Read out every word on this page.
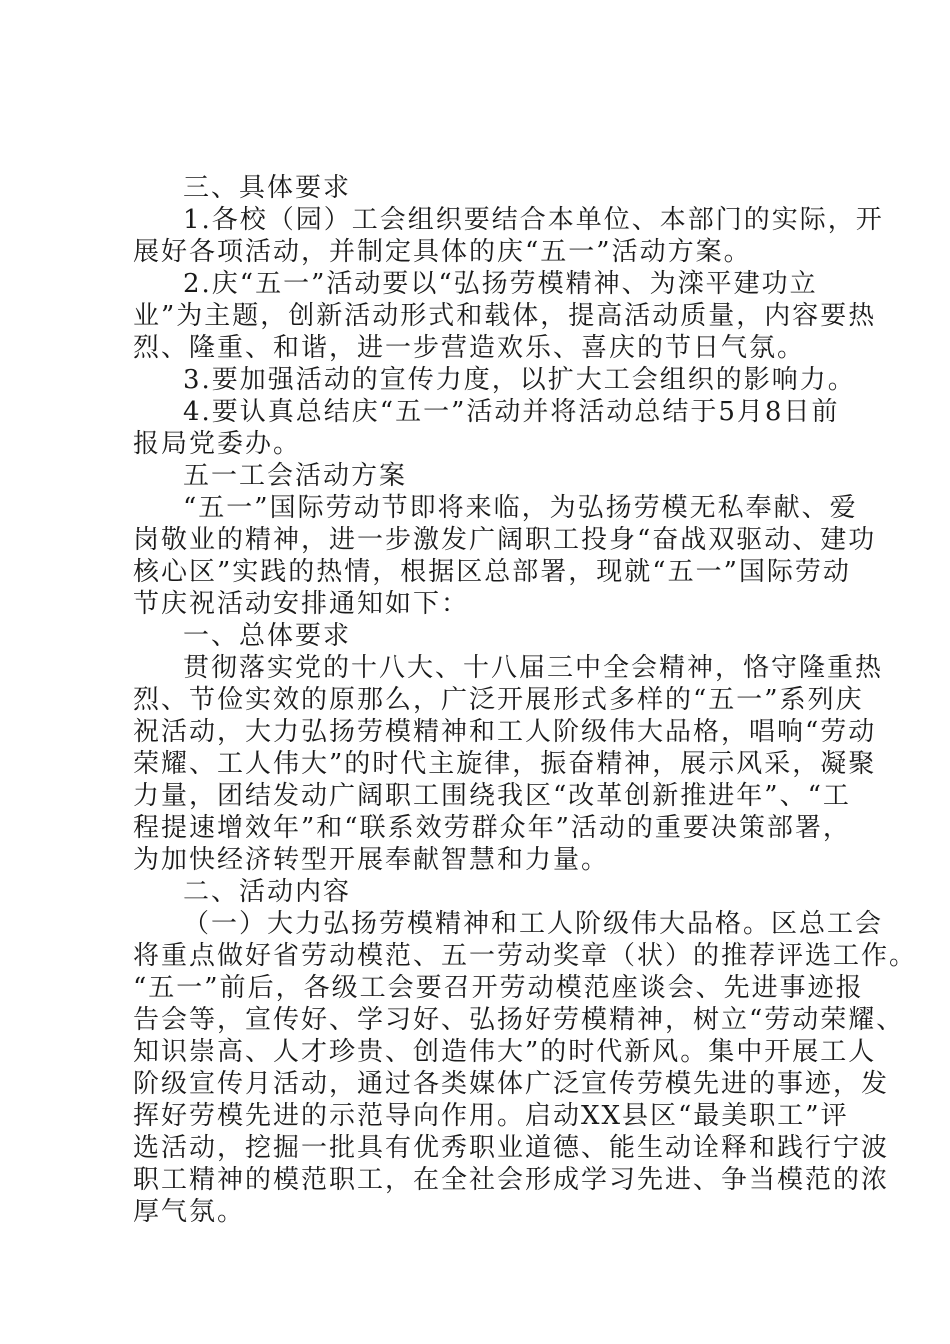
三、具体要求
1.各校（园）工会组织要结合本单位、本部门的实际，开
展好各项活动，并制定具体的庆“五一”活动方案。
2.庆“五一”活动要以“弘扬劳模精神、为滦平建功立
业”为主题，创新活动形式和载体，提高活动质量，内容要热
烈、隆重、和谐，进一步营造欢乐、喜庆的节日气氛。
3.要加强活动的宣传力度，以扩大工会组织的影响力。
4.要认真总结庆“五一”活动并将活动总结于5月8日前
报局党委办。
五一工会活动方案
“五一”国际劳动节即将来临，为弘扬劳模无私奉献、爱
岗敬业的精神，进一步激发广阔职工投身“奋战双驱动、建功
核心区”实践的热情，根据区总部署，现就“五一”国际劳动
节庆祝活动安排通知如下：
一、总体要求
贯彻落实党的十八大、十八届三中全会精神，恪守隆重热
烈、节俭实效的原那么，广泛开展形式多样的“五一”系列庆
祝活动，大力弘扬劳模精神和工人阶级伟大品格，唱响“劳动
荣耀、工人伟大”的时代主旋律，振奋精神，展示风采，凝聚
力量，团结发动广阔职工围绕我区“改革创新推进年”、“工
程提速增效年”和“联系效劳群众年”活动的重要决策部署，
为加快经济转型开展奉献智慧和力量。
二、活动内容
（一）大力弘扬劳模精神和工人阶级伟大品格。区总工会
将重点做好省劳动模范、五一劳动奖章（状）的推荐评选工作。
“五一”前后，各级工会要召开劳动模范座谈会、先进事迹报
告会等，宣传好、学习好、弘扬好劳模精神，树立“劳动荣耀、
知识崇高、人才珍贵、创造伟大”的时代新风。集中开展工人
阶级宣传月活动，通过各类媒体广泛宣传劳模先进的事迹，发
挥好劳模先进的示范导向作用。启动XX县区“最美职工”评
选活动，挖掘一批具有优秀职业道德、能生动诠释和践行宁波
职工精神的模范职工，在全社会形成学习先进、争当模范的浓
厚气氛。
